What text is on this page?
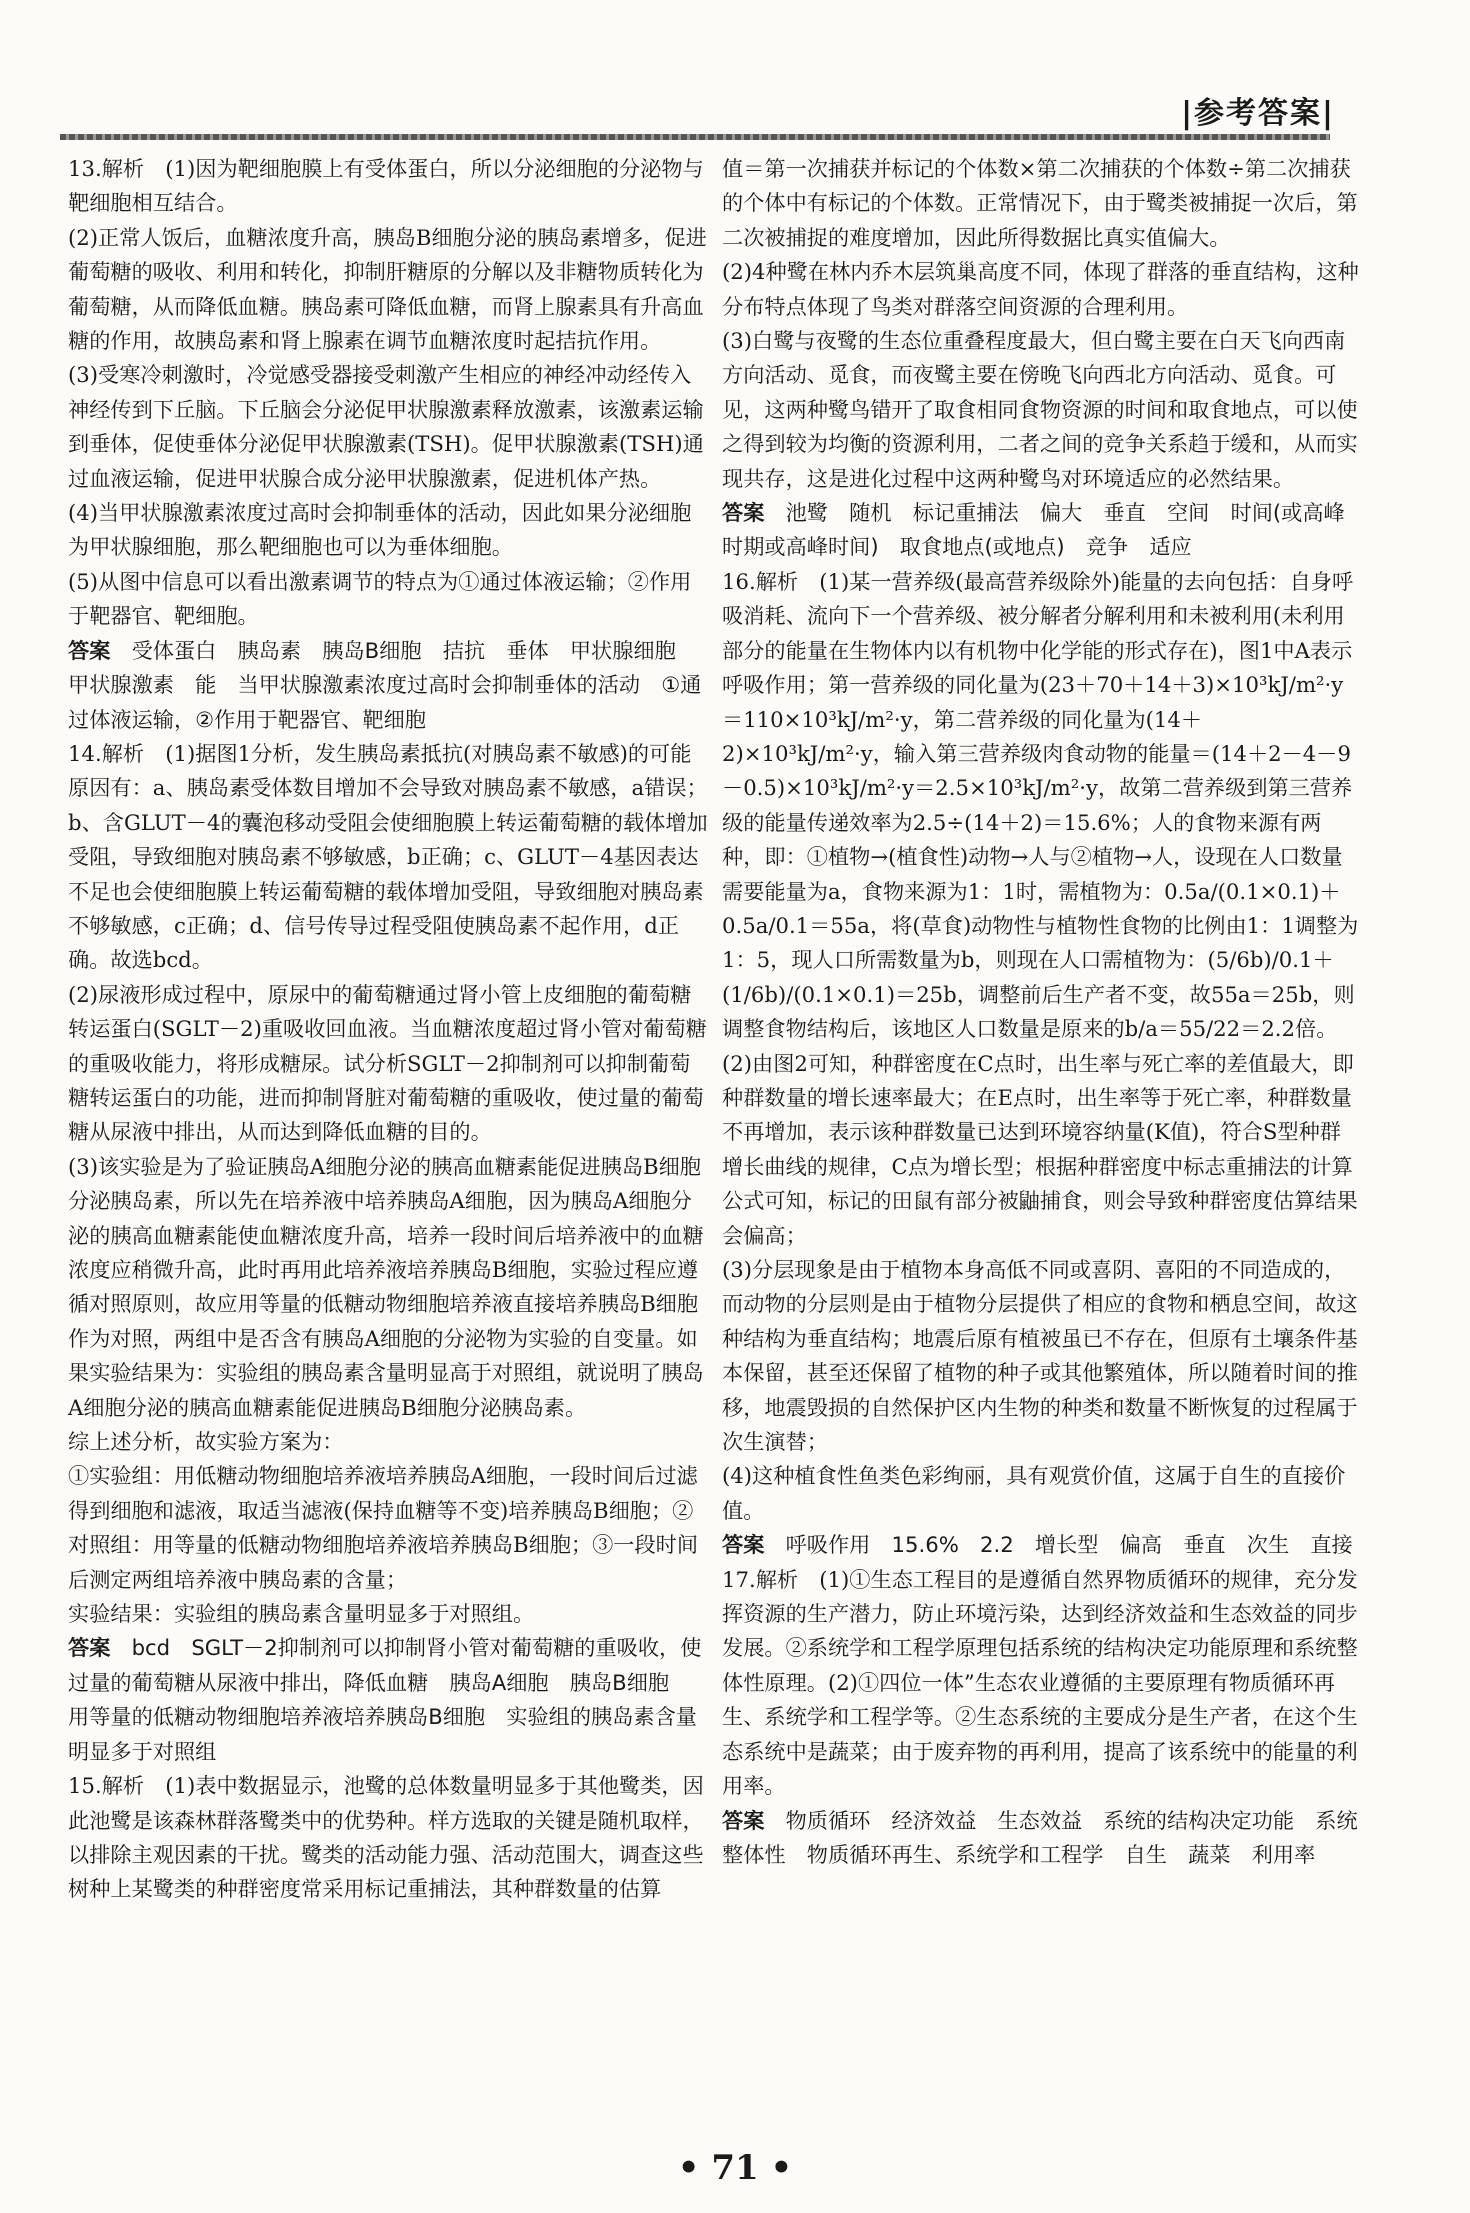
|参考答案|

13.解析　(1)因为靶细胞膜上有受体蛋白，所以分泌细胞的分泌物与靶细胞相互结合。

(2)正常人饭后，血糖浓度升高，胰岛B细胞分泌的胰岛素增多，促进葡萄糖的吸收、利用和转化，抑制肝糖原的分解以及非糖物质转化为葡萄糖，从而降低血糖。胰岛素可降低血糖，而肾上腺素具有升高血糖的作用，故胰岛素和肾上腺素在调节血糖浓度时起拮抗作用。

(3)受寒冷刺激时，冷觉感受器接受刺激产生相应的神经冲动经传入神经传到下丘脑。下丘脑会分泌促甲状腺激素释放激素，该激素运输到垂体，促使垂体分泌促甲状腺激素(TSH)。促甲状腺激素(TSH)通过血液运输，促进甲状腺合成分泌甲状腺激素，促进机体产热。

(4)当甲状腺激素浓度过高时会抑制垂体的活动，因此如果分泌细胞为甲状腺细胞，那么靶细胞也可以为垂体细胞。

(5)从图中信息可以看出激素调节的特点为①通过体液运输；②作用于靶器官、靶细胞。

答案　受体蛋白　胰岛素　胰岛B细胞　拮抗　垂体　甲状腺细胞　甲状腺激素　能　当甲状腺激素浓度过高时会抑制垂体的活动　①通过体液运输，②作用于靶器官、靶细胞

14.解析　(1)据图1分析，发生胰岛素抵抗(对胰岛素不敏感)的可能原因有：a、胰岛素受体数目增加不会导致对胰岛素不敏感，a错误；b、含GLUT－4的囊泡移动受阻会使细胞膜上转运葡萄糖的载体增加受阻，导致细胞对胰岛素不够敏感，b正确；c、GLUT－4基因表达不足也会使细胞膜上转运葡萄糖的载体增加受阻，导致细胞对胰岛素不够敏感，c正确；d、信号传导过程受阻使胰岛素不起作用，d正确。故选bcd。

(2)尿液形成过程中，原尿中的葡萄糖通过肾小管上皮细胞的葡萄糖转运蛋白(SGLT－2)重吸收回血液。当血糖浓度超过肾小管对葡萄糖的重吸收能力，将形成糖尿。试分析SGLT－2抑制剂可以抑制葡萄糖转运蛋白的功能，进而抑制肾脏对葡萄糖的重吸收，使过量的葡萄糖从尿液中排出，从而达到降低血糖的目的。

(3)该实验是为了验证胰岛A细胞分泌的胰高血糖素能促进胰岛B细胞分泌胰岛素，所以先在培养液中培养胰岛A细胞，因为胰岛A细胞分泌的胰高血糖素能使血糖浓度升高，培养一段时间后培养液中的血糖浓度应稍微升高，此时再用此培养液培养胰岛B细胞，实验过程应遵循对照原则，故应用等量的低糖动物细胞培养液直接培养胰岛B细胞作为对照，两组中是否含有胰岛A细胞的分泌物为实验的自变量。如果实验结果为：实验组的胰岛素含量明显高于对照组，就说明了胰岛A细胞分泌的胰高血糖素能促进胰岛B细胞分泌胰岛素。

综上述分析，故实验方案为：

①实验组：用低糖动物细胞培养液培养胰岛A细胞，一段时间后过滤得到细胞和滤液，取适当滤液(保持血糖等不变)培养胰岛B细胞；②对照组：用等量的低糖动物细胞培养液培养胰岛B细胞；③一段时间后测定两组培养液中胰岛素的含量；

实验结果：实验组的胰岛素含量明显多于对照组。

答案　bcd　SGLT－2抑制剂可以抑制肾小管对葡萄糖的重吸收，使过量的葡萄糖从尿液中排出，降低血糖　胰岛A细胞　胰岛B细胞　用等量的低糖动物细胞培养液培养胰岛B细胞　实验组的胰岛素含量明显多于对照组

15.解析　(1)表中数据显示，池鹭的总体数量明显多于其他鹭类，因此池鹭是该森林群落鹭类中的优势种。样方选取的关键是随机取样，以排除主观因素的干扰。鹭类的活动能力强、活动范围大，调查这些树种上某鹭类的种群密度常采用标记重捕法，其种群数量的估算

值＝第一次捕获并标记的个体数×第二次捕获的个体数÷第二次捕获的个体中有标记的个体数。正常情况下，由于鹭类被捕捉一次后，第二次被捕捉的难度增加，因此所得数据比真实值偏大。

(2)4种鹭在林内乔木层筑巢高度不同，体现了群落的垂直结构，这种分布特点体现了鸟类对群落空间资源的合理利用。

(3)白鹭与夜鹭的生态位重叠程度最大，但白鹭主要在白天飞向西南方向活动、觅食，而夜鹭主要在傍晚飞向西北方向活动、觅食。可见，这两种鹭鸟错开了取食相同食物资源的时间和取食地点，可以使之得到较为均衡的资源利用，二者之间的竞争关系趋于缓和，从而实现共存，这是进化过程中这两种鹭鸟对环境适应的必然结果。

答案　池鹭　随机　标记重捕法　偏大　垂直　空间　时间(或高峰时期或高峰时间)　取食地点(或地点)　竞争　适应

16.解析　(1)某一营养级(最高营养级除外)能量的去向包括：自身呼吸消耗、流向下一个营养级、被分解者分解利用和未被利用(未利用部分的能量在生物体内以有机物中化学能的形式存在)，图1中A表示呼吸作用；第一营养级的同化量为(23＋70＋14＋3)×10³kJ/m²·y＝110×10³kJ/m²·y，第二营养级的同化量为(14＋2)×10³kJ/m²·y，输入第三营养级肉食动物的能量＝(14＋2－4－9－0.5)×10³kJ/m²·y＝2.5×10³kJ/m²·y，故第二营养级到第三营养级的能量传递效率为2.5÷(14＋2)＝15.6%；人的食物来源有两种，即：①植物→(植食性)动物→人与②植物→人，设现在人口数量需要能量为a，食物来源为1：1时，需植物为：0.5a/(0.1×0.1)＋0.5a/0.1＝55a，将(草食)动物性与植物性食物的比例由1：1调整为1：5，现人口所需数量为b，则现在人口需植物为：(5/6b)/0.1＋(1/6b)/(0.1×0.1)＝25b，调整前后生产者不变，故55a＝25b，则调整食物结构后，该地区人口数量是原来的b/a＝55/22＝2.2倍。

(2)由图2可知，种群密度在C点时，出生率与死亡率的差值最大，即种群数量的增长速率最大；在E点时，出生率等于死亡率，种群数量不再增加，表示该种群数量已达到环境容纳量(K值)，符合S型种群增长曲线的规律，C点为增长型；根据种群密度中标志重捕法的计算公式可知，标记的田鼠有部分被鼬捕食，则会导致种群密度估算结果会偏高；

(3)分层现象是由于植物本身高低不同或喜阴、喜阳的不同造成的，而动物的分层则是由于植物分层提供了相应的食物和栖息空间，故这种结构为垂直结构；地震后原有植被虽已不存在，但原有土壤条件基本保留，甚至还保留了植物的种子或其他繁殖体，所以随着时间的推移，地震毁损的自然保护区内生物的种类和数量不断恢复的过程属于次生演替；

(4)这种植食性鱼类色彩绚丽，具有观赏价值，这属于自生的直接价值。

答案　呼吸作用　15.6%　2.2　增长型　偏高　垂直　次生　直接

17.解析　(1)①生态工程目的是遵循自然界物质循环的规律，充分发挥资源的生产潜力，防止环境污染，达到经济效益和生态效益的同步发展。②系统学和工程学原理包括系统的结构决定功能原理和系统整体性原理。(2)①四位一体”生态农业遵循的主要原理有物质循环再生、系统学和工程学等。②生态系统的主要成分是生产者，在这个生态系统中是蔬菜；由于废弃物的再利用，提高了该系统中的能量的利用率。

答案　物质循环　经济效益　生态效益　系统的结构决定功能　系统整体性　物质循环再生、系统学和工程学　自生　蔬菜　利用率

• 71 •
